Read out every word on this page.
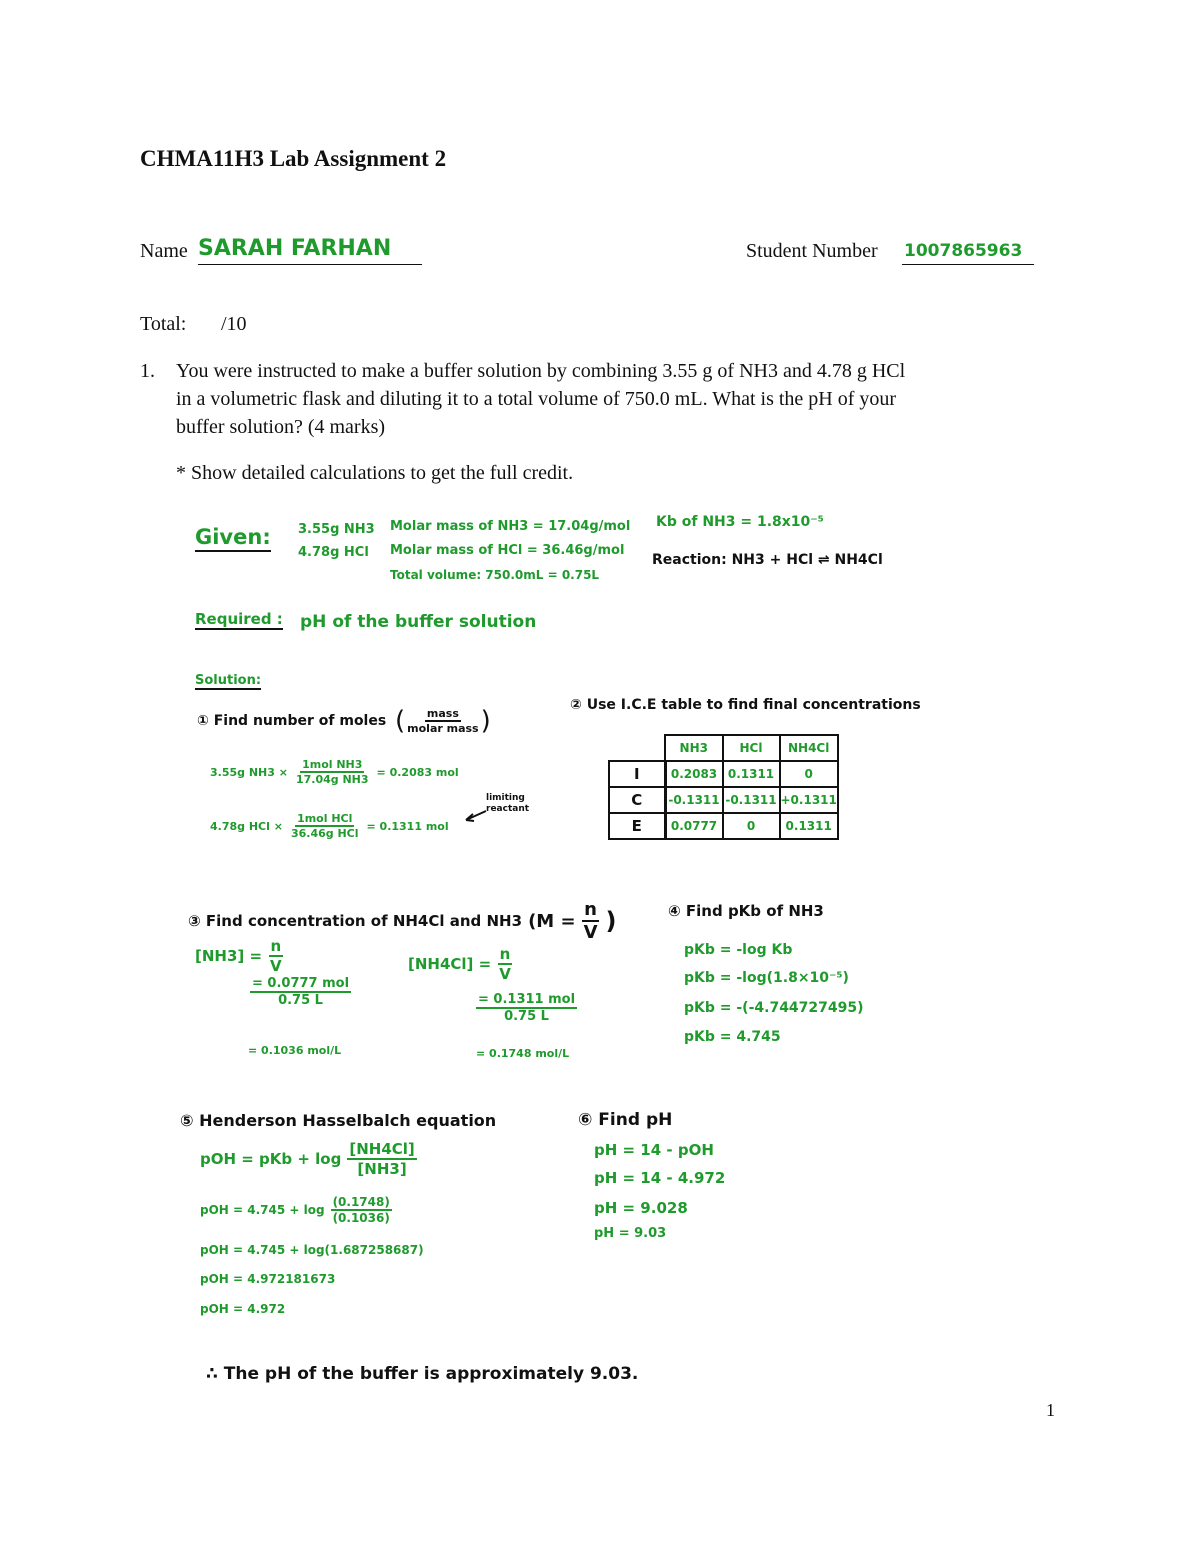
CHMA11H3 Lab Assignment 2
Name SARAH FARHAN	Student Number 1007865963
Total: /10
1. You were instructed to make a buffer solution by combining 3.55 g of NH3 and 4.78 g HCl
in a volumetric flask and diluting it to a total volume of 750.0 mL. What is the pH of your
buffer solution? (4 marks)
* Show detailed calculations to get the full credit.
Given: 3.55g NH3
4.78g HCl
Molar mass of NH3 = 17.04g/mol
Molar mass of HCl = 36.46g/mol
Total volume: 750.0mL = 0.75L
Kb of NH3 = 1.8x10⁻⁵
Reaction: NH3 + HCl ⇌ NH4Cl
Required : pH of the buffer solution
Solution:
① Find number of moles ( $\frac{\text{mass}}{\text{molar mass}}$ )
3.55g $NH3 \times \frac{\text{1mol NH3}}{\text{17.04g NH3}} = 0.2083$ mol
4.78g HCl × $\frac{\text{1mol HCl}}{\text{36.46g HCl}} = 0.1311$ mol
limiting
reactant
② Use I.C.E table to find final concentrations
	NH3	HCl	NH4Cl
I	0.2083	0.1311	0
C	-0.1311	-0.1311	+0.1311
E	0.0777	0	0.1311
③ Find concentration of NH4Cl and NH3 ($M = \frac{n}{V}$ )
$[NH3] = \frac{n}{V}$
$\frac{\text{= 0.0777 mol}}{0.75 L}$
= 0.1036 mol/L
$[NH4Cl] = \frac{n}{V}$
$\frac{\text{= 0.1311 mol}}{0.75 L}$
= 0.1748 mol/L
④ Find pKb of NH3
pKb = -log Kb
pKb = -log(1.8×10⁻⁵)
pKb = -(-4.744727495)
pKb = 4.745
⑤ Henderson Hasselbalch equation
pOH = pKb + $\log \frac{[NH4Cl]}{[NH3]}$
pOH = $4.745 + \log \frac{(0.1748)}{(0.1036)}$
pOH = 4.745 + log(1.687258687)
pOH = 4.972181673
pOH = 4.972
⑥ Find pH
pH = 14 - pOH
pH = 14 - 4.972
pH = 9.028
pH = 9.03
∴ The pH of the buffer is approximately 9.03.
1
